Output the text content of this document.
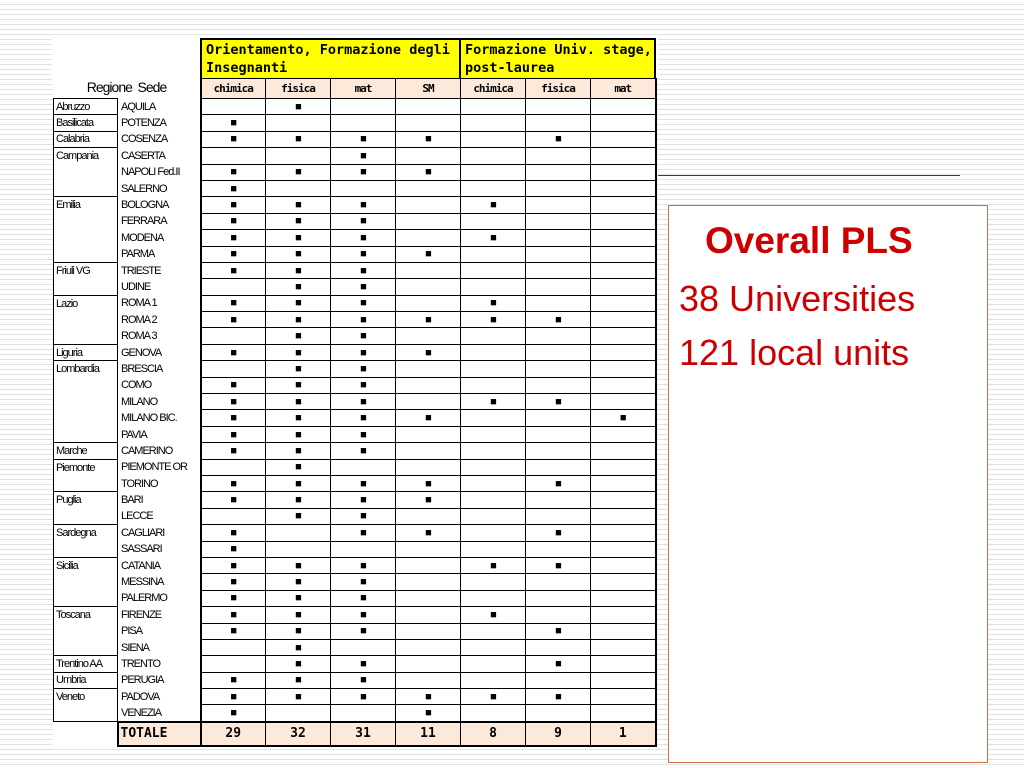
Orientamento, Formazione degli Insegnanti
Formazione Univ. stage, post-laurea
Regione Sede		chimica	fisica	mat	SM	chimica	fisica	mat
Abruzzo	AQUILA		■					
Basilicata	POTENZA	■						
Calabria	COSENZA	■	■	■	■		■	
Campania	CASERTA			■				
	NAPOLI Fed.II	■	■	■	■			
	SALERNO	■						
Emilia	BOLOGNA	■	■	■		■		
	FERRARA	■	■	■				
	MODENA	■	■	■		■		
	PARMA	■	■	■	■			
Friuli VG	TRIESTE	■	■	■				
	UDINE		■	■				
Lazio	ROMA 1	■	■	■		■		
	ROMA 2	■	■	■	■	■	■	
	ROMA 3		■	■				
Liguria	GENOVA	■	■	■	■			
Lombardia	BRESCIA		■	■				
	COMO	■	■	■				
	MILANO	■	■	■		■	■	
	MILANO BIC.	■	■	■	■			■
	PAVIA	■	■	■				
Marche	CAMERINO	■	■	■				
Piemonte	PIEMONTE OR		■					
	TORINO	■	■	■	■		■	
Puglia	BARI	■	■	■	■			
	LECCE		■	■				
Sardegna	CAGLIARI	■		■	■		■	
	SASSARI	■						
Sicilia	CATANIA	■	■	■		■	■	
	MESSINA	■	■	■				
	PALERMO	■	■	■				
Toscana	FIRENZE	■	■	■		■		
	PISA	■	■	■			■	
	SIENA		■					
Trentino AA	TRENTO		■	■			■	
Umbria	PERUGIA	■	■	■				
Veneto	PADOVA	■	■	■	■	■	■	
	VENEZIA	■			■			
	TOTALE	29	32	31	11	8	9	1
Overall PLS
38 Universities
121 local units
